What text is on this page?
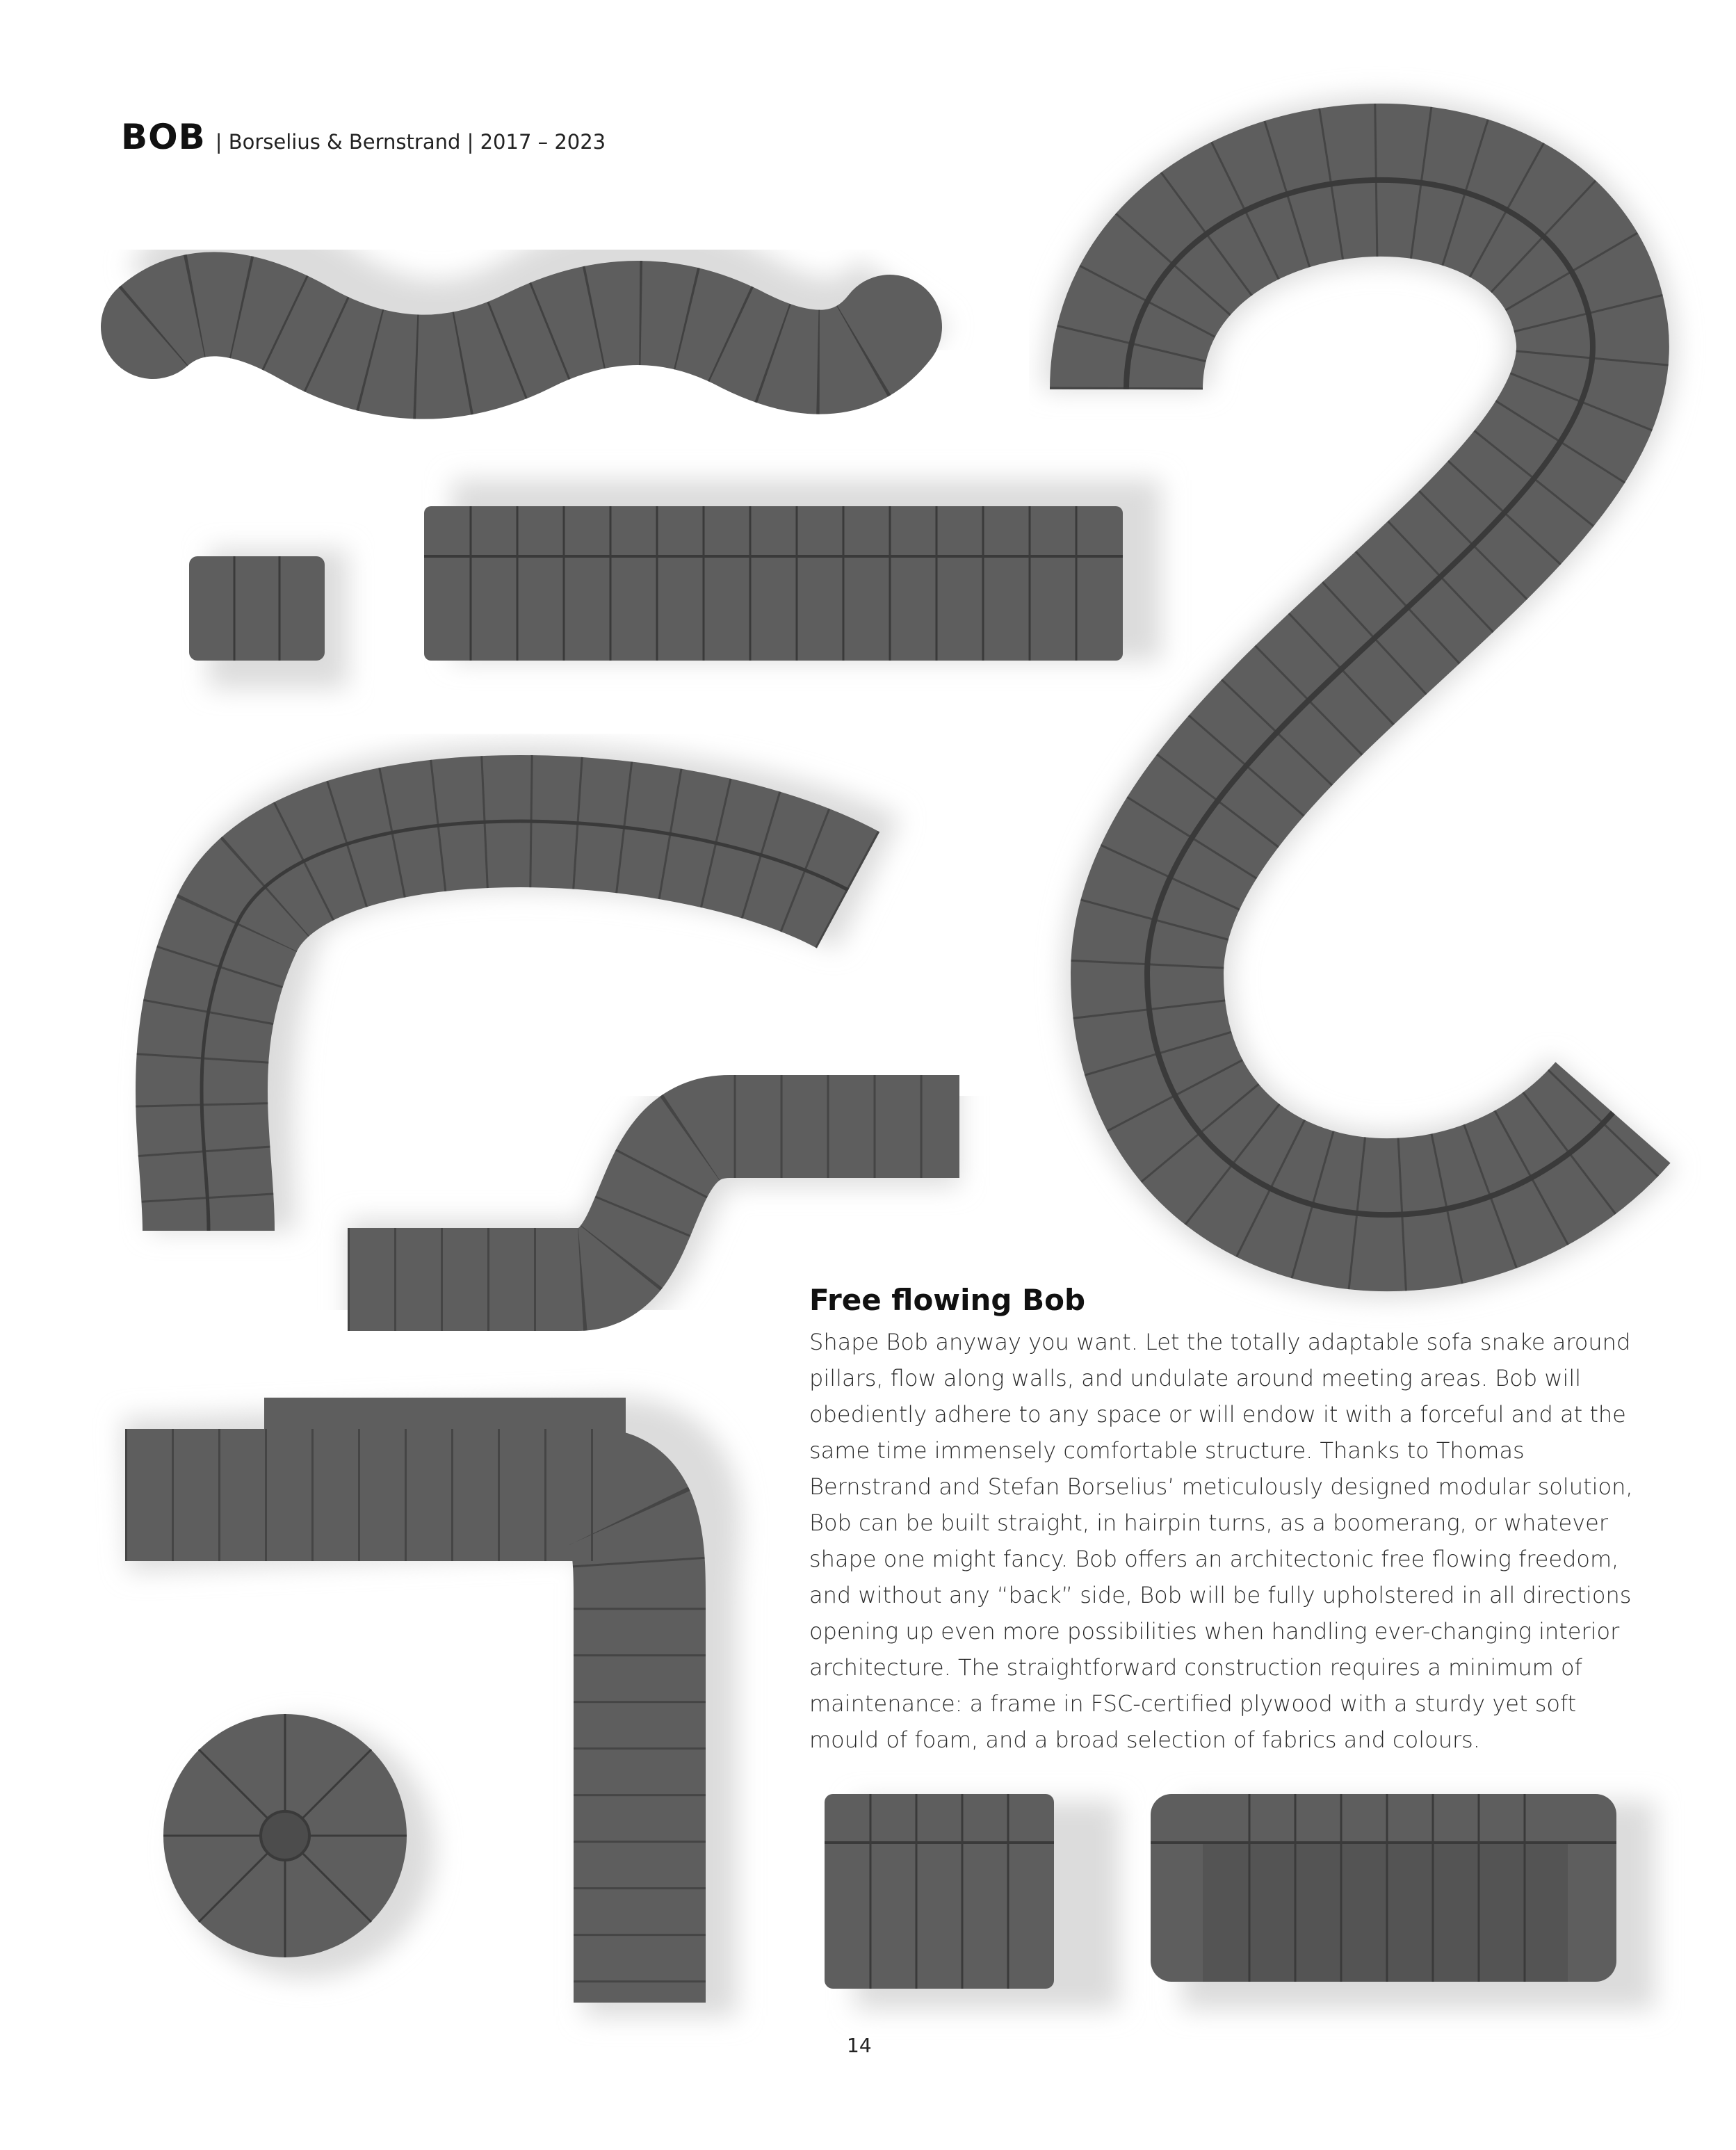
BOB | Borselius & Bernstrand | 2017 – 2023
Free flowing Bob

Shape Bob anyway you want. Let the totally adaptable sofa snake around pillars, flow along walls, and undulate around meeting areas. Bob will obediently adhere to any space or will endow it with a forceful and at the same time immensely comfortable structure. Thanks to Thomas Bernstrand and Stefan Borselius’ meticulously designed modular solution, Bob can be built straight, in hairpin turns, as a boomerang, or whatever shape one might fancy. Bob offers an architectonic free flowing freedom, and without any “back” side, Bob will be fully upholstered in all directions opening up even more possibilities when handling ever-changing interior architecture. The straightforward construction requires a minimum of maintenance: a frame in FSC-certified plywood with a sturdy yet soft mould of foam, and a broad selection of fabrics and colours.

14
